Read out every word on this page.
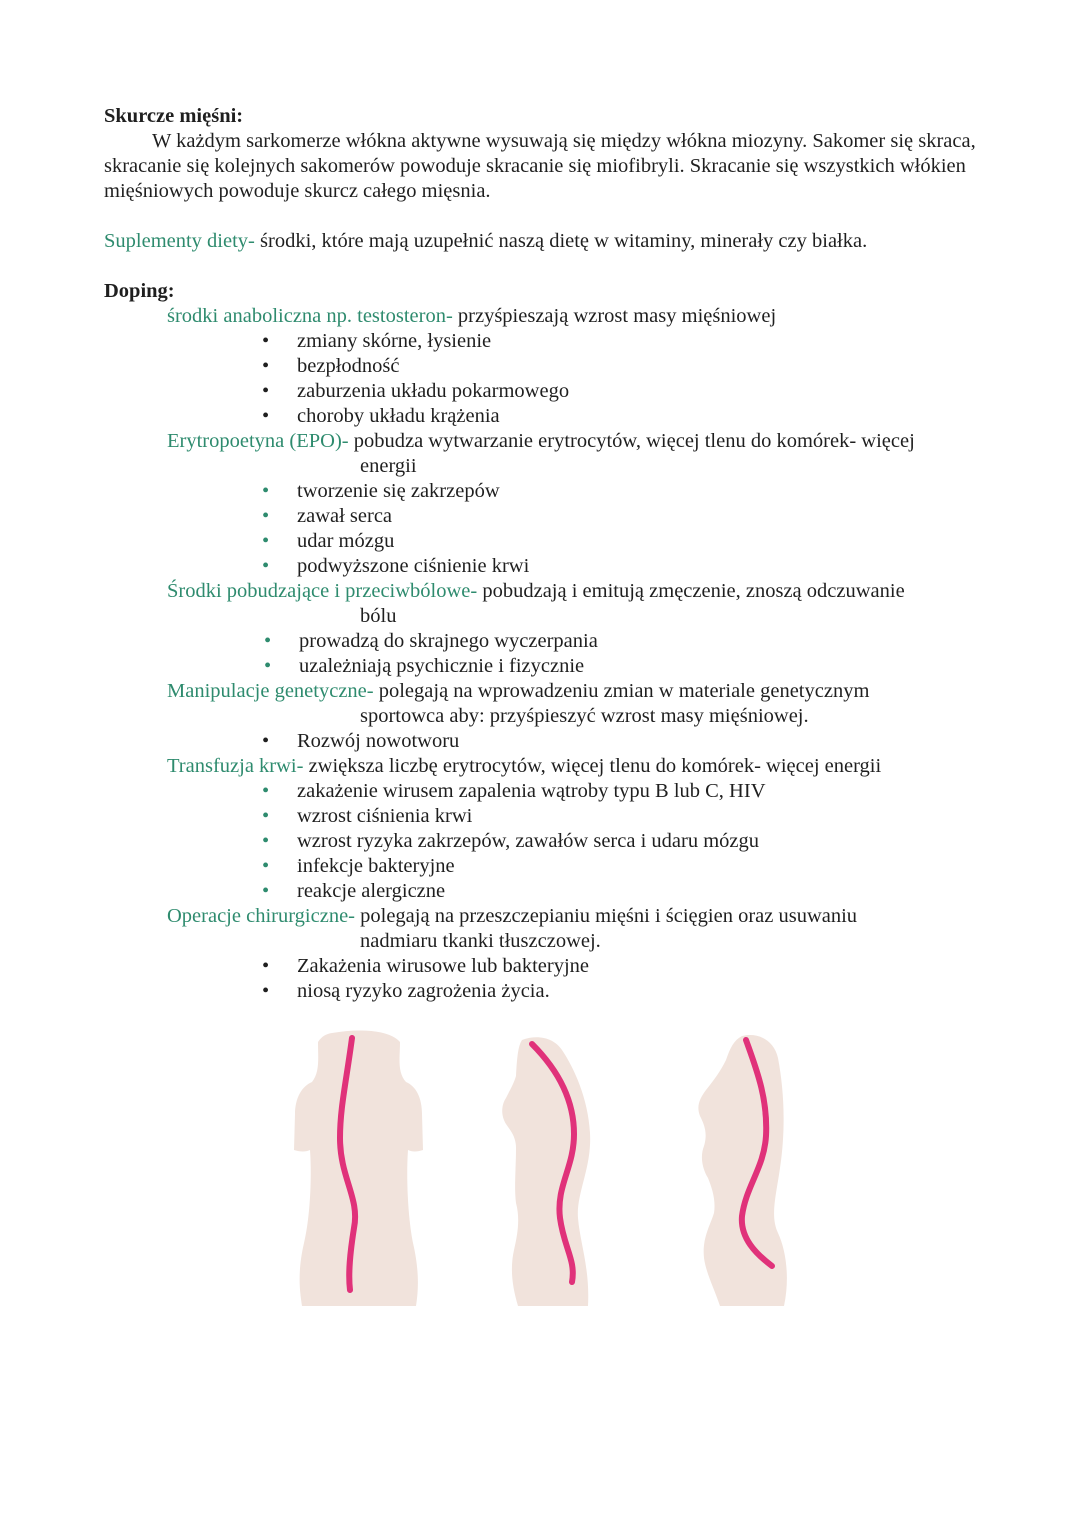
Skurcze mięśni:
W każdym sarkomerze włókna aktywne wysuwają się między włókna miozyny. Sakomer się skraca, skracanie się kolejnych sakomerów powoduje skracanie się miofibryli. Skracanie się wszystkich włókien mięśniowych powoduje skurcz całego mięsnia.
Suplementy diety- środki, które mają uzupełnić naszą dietę w witaminy, minerały czy białka.
Doping:
środki anaboliczna np. testosteron- przyśpieszają wzrost masy mięśniowej
• zmiany skórne, łysienie
• bezpłodność
• zaburzenia układu pokarmowego
• choroby układu krążenia
Erytropoetyna (EPO)- pobudza wytwarzanie erytrocytów, więcej tlenu do komórek- więcej
energii
• tworzenie się zakrzepów
• zawał serca
• udar mózgu
• podwyższone ciśnienie krwi
Środki pobudzające i przeciwbólowe- pobudzają i emitują zmęczenie, znoszą odczuwanie
bólu
• prowadzą do skrajnego wyczerpania
• uzależniają psychicznie i fizycznie
Manipulacje genetyczne- polegają na wprowadzeniu zmian w materiale genetycznym
sportowca aby: przyśpieszyć wzrost masy mięśniowej.
• Rozwój nowotworu
Transfuzja krwi- zwiększa liczbę erytrocytów, więcej tlenu do komórek- więcej energii
• zakażenie wirusem zapalenia wątroby typu B lub C, HIV
• wzrost ciśnienia krwi
• wzrost ryzyka zakrzepów, zawałów serca i udaru mózgu
• infekcje bakteryjne
• reakcje alergiczne
Operacje chirurgiczne- polegają na przeszczepianiu mięśni i ścięgien oraz usuwaniu
nadmiaru tkanki tłuszczowej.
• Zakażenia wirusowe lub bakteryjne
• niosą ryzyko zagrożenia życia.
